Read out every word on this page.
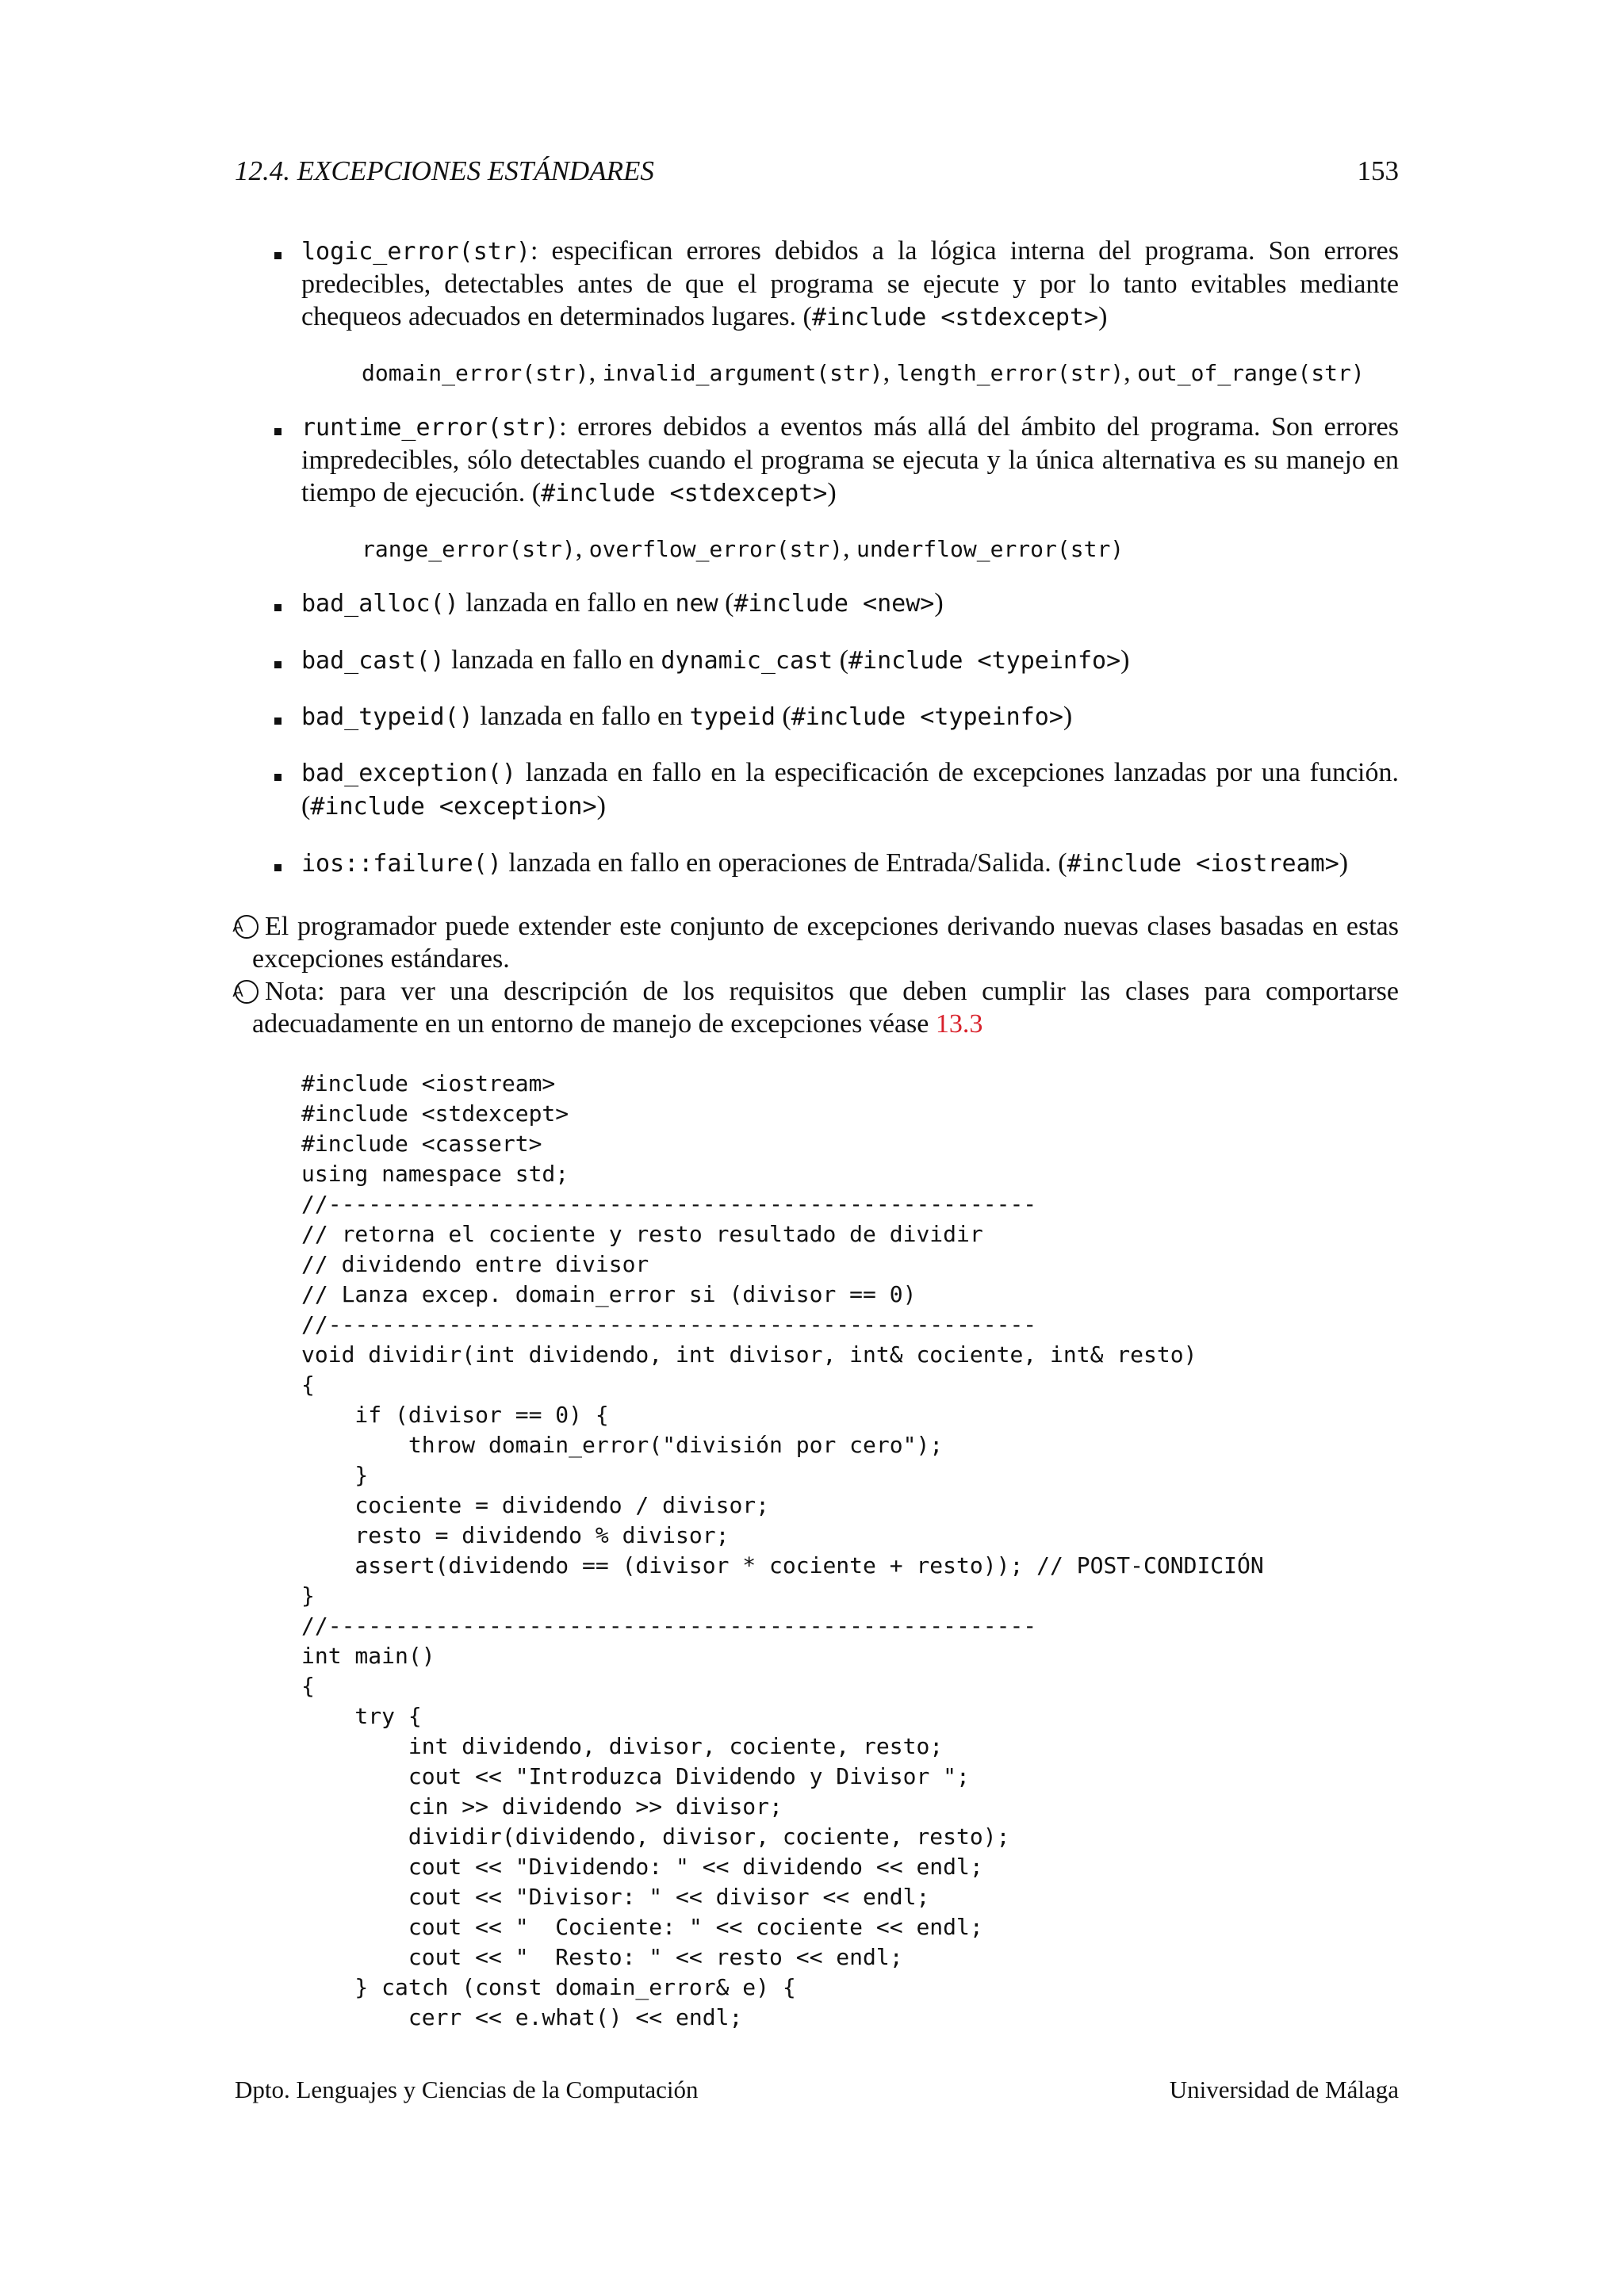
12.4. EXCEPCIONES ESTÁNDARES	153
logic_error(str): especifican errores debidos a la lógica interna del programa. Son errores predecibles, detectables antes de que el programa se ejecute y por lo tanto evitables mediante chequeos adecuados en determinados lugares. (#include <stdexcept>)
domain_error(str), invalid_argument(str), length_error(str), out_of_range(str)
runtime_error(str): errores debidos a eventos más allá del ámbito del programa. Son errores impredecibles, sólo detectables cuando el programa se ejecuta y la única alternativa es su manejo en tiempo de ejecución. (#include <stdexcept>)
range_error(str), overflow_error(str), underflow_error(str)
bad_alloc() lanzada en fallo en new (#include <new>)
bad_cast() lanzada en fallo en dynamic_cast (#include <typeinfo>)
bad_typeid() lanzada en fallo en typeid (#include <typeinfo>)
bad_exception() lanzada en fallo en la especificación de excepciones lanzadas por una función. (#include <exception>)
ios::failure() lanzada en fallo en operaciones de Entrada/Salida. (#include <iostream>)
A El programador puede extender este conjunto de excepciones derivando nuevas clases basadas en estas excepciones estándares.
A Nota: para ver una descripción de los requisitos que deben cumplir las clases para comportarse adecuadamente en un entorno de manejo de excepciones véase 13.3
#include <iostream>
#include <stdexcept>
#include <cassert>
using namespace std;
//-----------------------------------------------------
// retorna el cociente y resto resultado de dividir
// dividendo entre divisor
// Lanza excep. domain_error si (divisor == 0)
//-----------------------------------------------------
void dividir(int dividendo, int divisor, int& cociente, int& resto)
{
if (divisor == 0) {
throw domain_error("división por cero");
}
cociente = dividendo / divisor;
resto = dividendo % divisor;
assert(dividendo == (divisor * cociente + resto)); // POST-CONDICIÓN
}
//-----------------------------------------------------
int main()
{
try {
int dividendo, divisor, cociente, resto;
cout << "Introduzca Dividendo y Divisor ";
cin >> dividendo >> divisor;
dividir(dividendo, divisor, cociente, resto);
cout << "Dividendo: " << dividendo << endl;
cout << "Divisor: " << divisor << endl;
cout << "  Cociente: " << cociente << endl;
cout << "  Resto: " << resto << endl;
} catch (const domain_error& e) {
cerr << e.what() << endl;
Dpto. Lenguajes y Ciencias de la Computación	Universidad de Málaga
